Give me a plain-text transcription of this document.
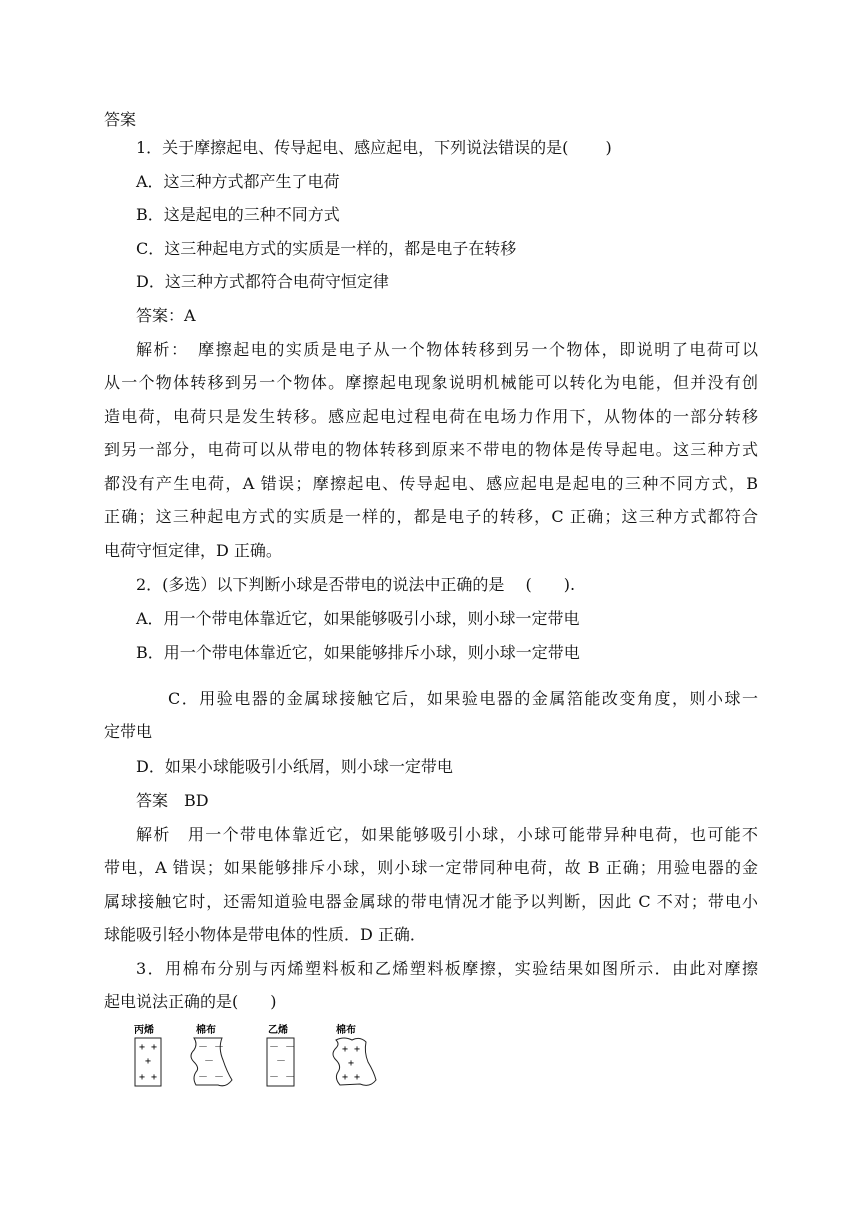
答案
1．关于摩擦起电、传导起电、感应起电，下列说法错误的是(　　 )
A．这三种方式都产生了电荷
B．这是起电的三种不同方式
C．这三种起电方式的实质是一样的，都是电子在转移
D．这三种方式都符合电荷守恒定律
答案：A
解析：　摩擦起电的实质是电子从一个物体转移到另一个物体，即说明了电荷可以
从一个物体转移到另一个物体。摩擦起电现象说明机械能可以转化为电能，但并没有创
造电荷，电荷只是发生转移。感应起电过程电荷在电场力作用下，从物体的一部分转移
到另一部分，电荷可以从带电的物体转移到原来不带电的物体是传导起电。这三种方式
都没有产生电荷，A 错误；摩擦起电、传导起电、感应起电是起电的三种不同方式，B
正确；这三种起电方式的实质是一样的，都是电子的转移，C 正确；这三种方式都符合
电荷守恒定律，D 正确。
2．(多选）以下判断小球是否带电的说法中正确的是　 (　　).
A．用一个带电体靠近它，如果能够吸引小球，则小球一定带电
B．用一个带电体靠近它，如果能够排斥小球，则小球一定带电
C．用验电器的金属球接触它后，如果验电器的金属箔能改变角度，则小球一
定带电
D．如果小球能吸引小纸屑，则小球一定带电
答案　BD
解析　用一个带电体靠近它，如果能够吸引小球，小球可能带异种电荷，也可能不
带电，A 错误；如果能够排斥小球，则小球一定带同种电荷，故 B 正确；用验电器的金
属球接触它时，还需知道验电器金属球的带电情况才能予以判断，因此 C 不对；带电小
球能吸引轻小物体是带电体的性质．D 正确．
3．用棉布分别与丙烯塑料板和乙烯塑料板摩擦，实验结果如图所示．由此对摩擦
起电说法正确的是(　　)
丙烯	棉布	乙烯	棉布
+ +
+
+ +
－ －
－
－ －
－ －
－
－ －
+ +
+
+ +
